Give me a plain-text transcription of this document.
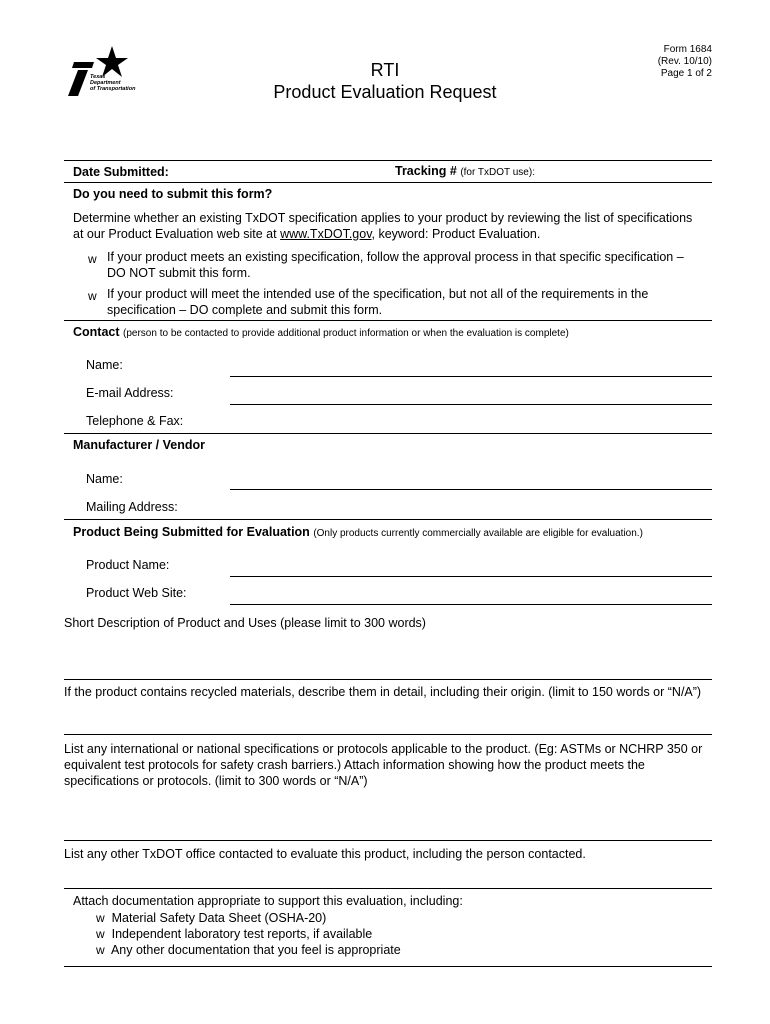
Texas
Department
of Transportation
RTI
Product Evaluation Request
Form 1684
(Rev. 10/10)
Page 1 of 2
Date Submitted:	Tracking # (for TxDOT use):
Do you need to submit this form?
Determine whether an existing TxDOT specification applies to your product by reviewing the list of specifications
at our Product Evaluation web site at www.TxDOT.gov, keyword: Product Evaluation.
w If your product meets an existing specification, follow the approval process in that specific specification –
DO NOT submit this form.
w If your product will meet the intended use of the specification, but not all of the requirements in the
specification – DO complete and submit this form.
Contact (person to be contacted to provide additional product information or when the evaluation is complete)
Name:
E-mail Address:
Telephone & Fax:
Manufacturer / Vendor
Name:
Mailing Address:
Product Being Submitted for Evaluation (Only products currently commercially available are eligible for evaluation.)
Product Name:
Product Web Site:
Short Description of Product and Uses (please limit to 300 words)
If the product contains recycled materials, describe them in detail, including their origin. (limit to 150 words or “N/A”)
List any international or national specifications or protocols applicable to the product. (Eg: ASTMs or NCHRP 350 or
equivalent test protocols for safety crash barriers.) Attach information showing how the product meets the
specifications or protocols. (limit to 300 words or “N/A”)
List any other TxDOT office contacted to evaluate this product, including the person contacted.
Attach documentation appropriate to support this evaluation, including:
w Material Safety Data Sheet (OSHA-20)
w Independent laboratory test reports, if available
w Any other documentation that you feel is appropriate
